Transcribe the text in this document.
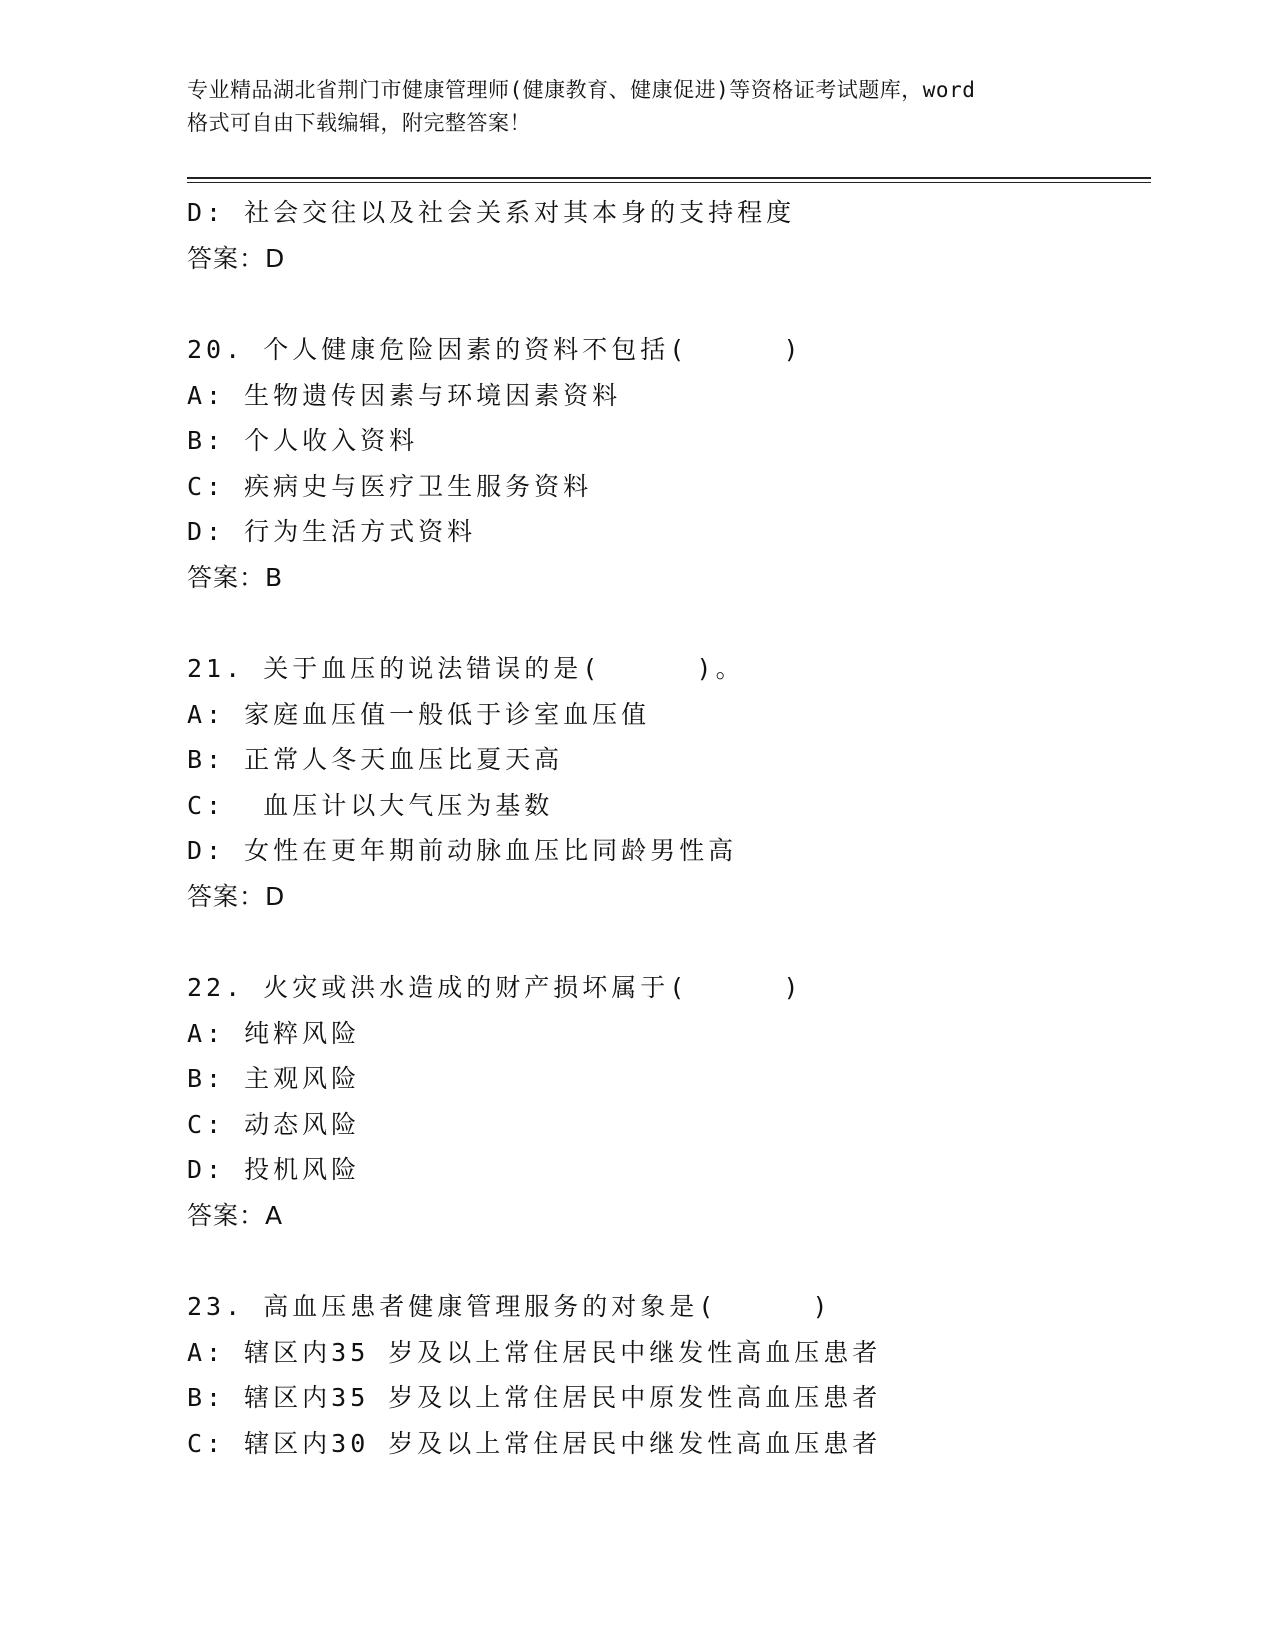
专业精品湖北省荆门市健康管理师(健康教育、健康促进)等资格证考试题库，word
格式可自由下载编辑，附完整答案！
D: 社会交往以及社会关系对其本身的支持程度
答案：D
20. 个人健康危险因素的资料不包括(     )
A: 生物遗传因素与环境因素资料
B: 个人收入资料
C: 疾病史与医疗卫生服务资料
D: 行为生活方式资料
答案：B
21. 关于血压的说法错误的是(     )。
A: 家庭血压值一般低于诊室血压值
B: 正常人冬天血压比夏天高
C:  血压计以大气压为基数
D: 女性在更年期前动脉血压比同龄男性高
答案：D
22. 火灾或洪水造成的财产损坏属于(     )
A: 纯粹风险
B: 主观风险
C: 动态风险
D: 投机风险
答案：A
23. 高血压患者健康管理服务的对象是(     )
A: 辖区内35 岁及以上常住居民中继发性高血压患者
B: 辖区内35 岁及以上常住居民中原发性高血压患者
C: 辖区内30 岁及以上常住居民中继发性高血压患者
